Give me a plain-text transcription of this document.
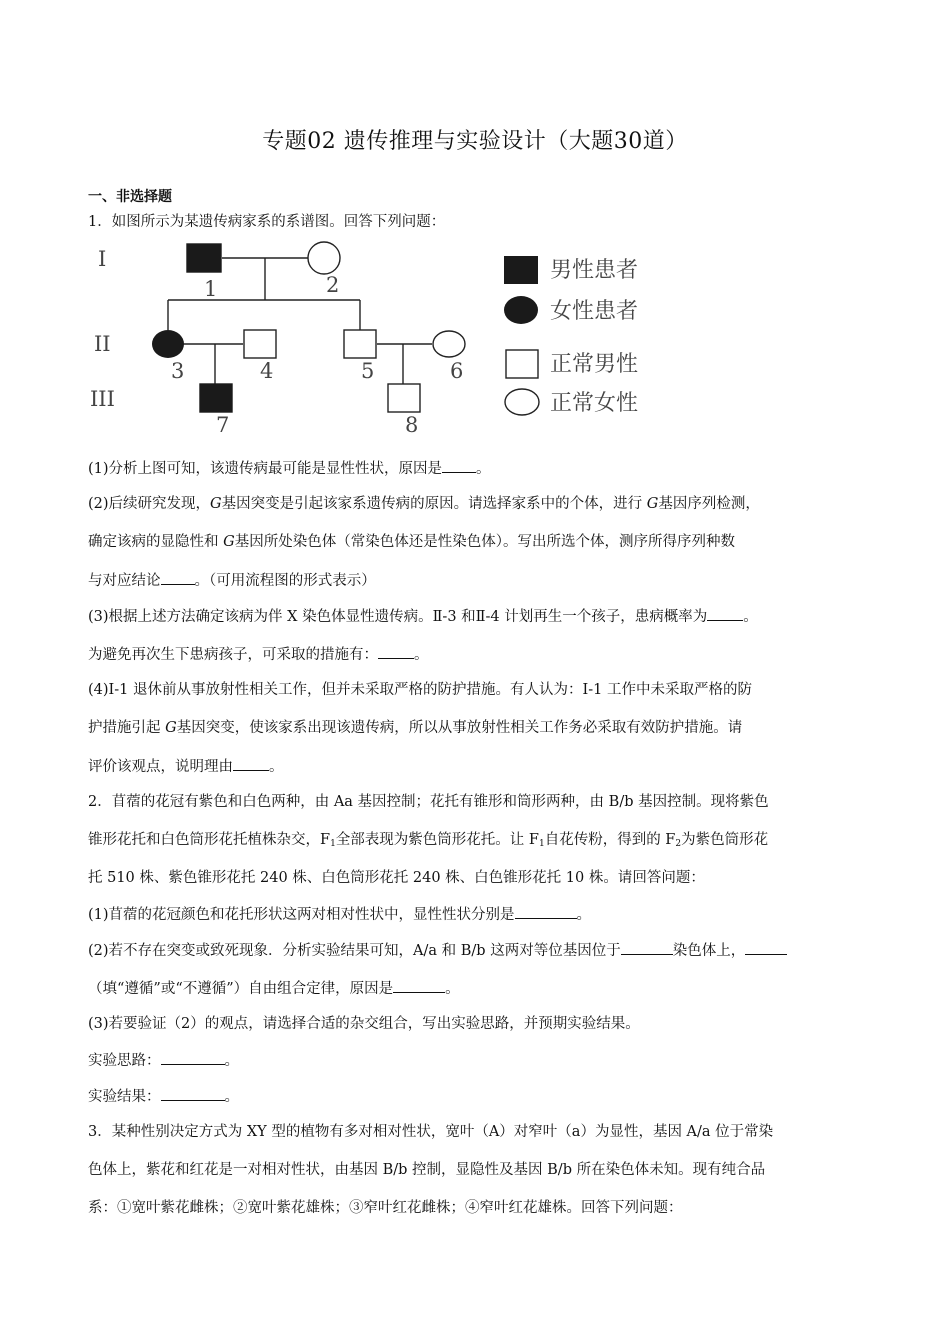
专题02 遗传推理与实验设计（大题30道）
一、非选择题
1．如图所示为某遗传病家系的系谱图。回答下列问题：
I
II
III
1	2
3	4	5	6
7	8
男性患者
女性患者
正常男性
正常女性
(1)分析上图可知，该遗传病最可能是显性性状，原因是 。
(2)后续研究发现，G基因突变是引起该家系遗传病的原因。请选择家系中的个体，进行 G基因序列检测，
确定该病的显隐性和 G基因所处染色体（常染色体还是性染色体）。写出所选个体，测序所得序列种数
与对应结论 。（可用流程图的形式表示）
(3)根据上述方法确定该病为伴 X 染色体显性遗传病。Ⅱ-3 和Ⅱ-4 计划再生一个孩子，患病概率为 。
为避免再次生下患病孩子，可采取的措施有： 。
(4)Ⅰ-1 退休前从事放射性相关工作，但并未采取严格的防护措施。有人认为：Ⅰ-1 工作中未采取严格的防
护措施引起 G基因突变，使该家系出现该遗传病，所以从事放射性相关工作务必采取有效防护措施。请
评价该观点，说明理由 。
2．苜蓿的花冠有紫色和白色两种，由 Aa 基因控制；花托有锥形和筒形两种，由 B/b 基因控制。现将紫色
锥形花托和白色筒形花托植株杂交，$F_1$全部表现为紫色筒形花托。让 $F_1$自花传粉，得到的 $F_2$为紫色筒形花
托 510 株、紫色锥形花托 240 株、白色筒形花托 240 株、白色锥形花托 10 株。请回答问题：
(1)苜蓿的花冠颜色和花托形状这两对相对性状中，显性性状分别是	。
(2)若不存在突变或致死现象．分析实验结果可知，A/a 和 B/b 这两对等位基因位于	染色体上，
（填“遵循”或“不遵循”）自由组合定律，原因是	。
(3)若要验证（2）的观点，请选择合适的杂交组合，写出实验思路，并预期实验结果。
实验思路：	。
实验结果：	。
3．某种性别决定方式为 XY 型的植物有多对相对性状，宽叶（A）对窄叶（a）为显性，基因 A/a 位于常染
色体上，紫花和红花是一对相对性状，由基因 B/b 控制，显隐性及基因 B/b 所在染色体未知。现有纯合品
系：①宽叶紫花雌株；②宽叶紫花雄株；③窄叶红花雌株；④窄叶红花雄株。回答下列问题：
